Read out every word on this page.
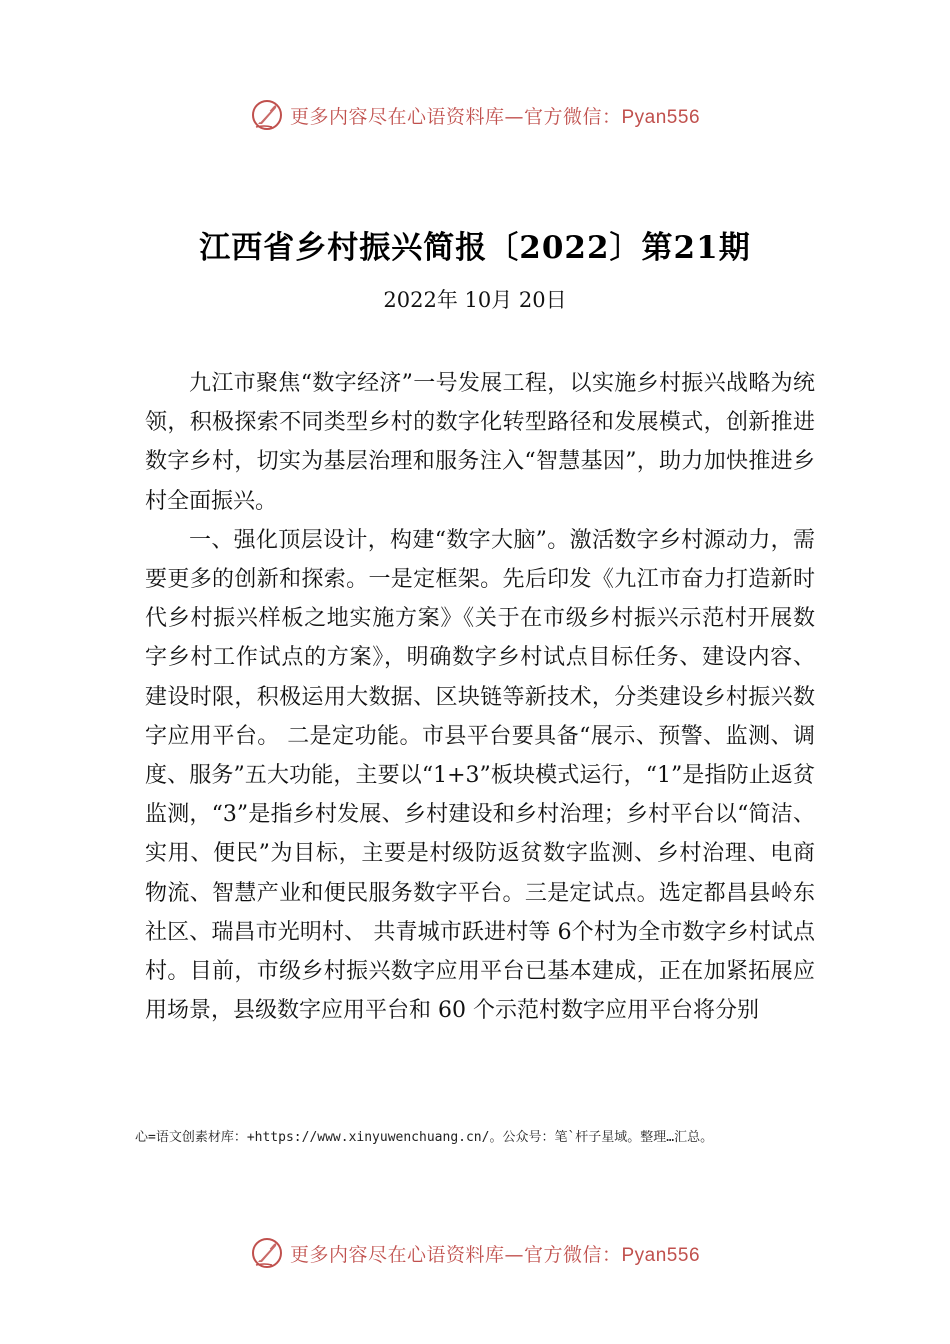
更多内容尽在心语资料库—官方微信：Pyan556
江西省乡村振兴简报〔2022〕第21期
2022年 10月 20日

九江市聚焦“数字经济”一号发展工程，以实施乡村振兴战略为统领，积极探索不同类型乡村的数字化转型路径和发展模式，创新推进数字乡村，切实为基层治理和服务注入“智慧基因”，助力加快推进乡村全面振兴。

一、强化顶层设计，构建“数字大脑”。激活数字乡村源动力，需要更多的创新和探索。一是定框架。先后印发《九江市奋力打造新时代乡村振兴样板之地实施方案》《关于在市级乡村振兴示范村开展数字乡村工作试点的方案》，明确数字乡村试点目标任务、建设内容、建设时限，积极运用大数据、区块链等新技术，分类建设乡村振兴数字应用平台。 二是定功能。市县平台要具备“展示、预警、监测、调度、服务”五大功能，主要以“1+3”板块模式运行，“1”是指防止返贫监测，“3”是指乡村发展、乡村建设和乡村治理；乡村平台以“简洁、实用、便民”为目标，主要是村级防返贫数字监测、乡村治理、电商物流、智慧产业和便民服务数字平台。三是定试点。选定都昌县岭东社区、瑞昌市光明村、 共青城市跃进村等 6个村为全市数字乡村试点村。目前，市级乡村振兴数字应用平台已基本建成，正在加紧拓展应用场景，县级数字应用平台和 60 个示范村数字应用平台将分别

心=语文创素材库：+https://www.xinyuwenchuang.cn/。公众号：笔`杆子星域。整理…汇总。
更多内容尽在心语资料库—官方微信：Pyan556
